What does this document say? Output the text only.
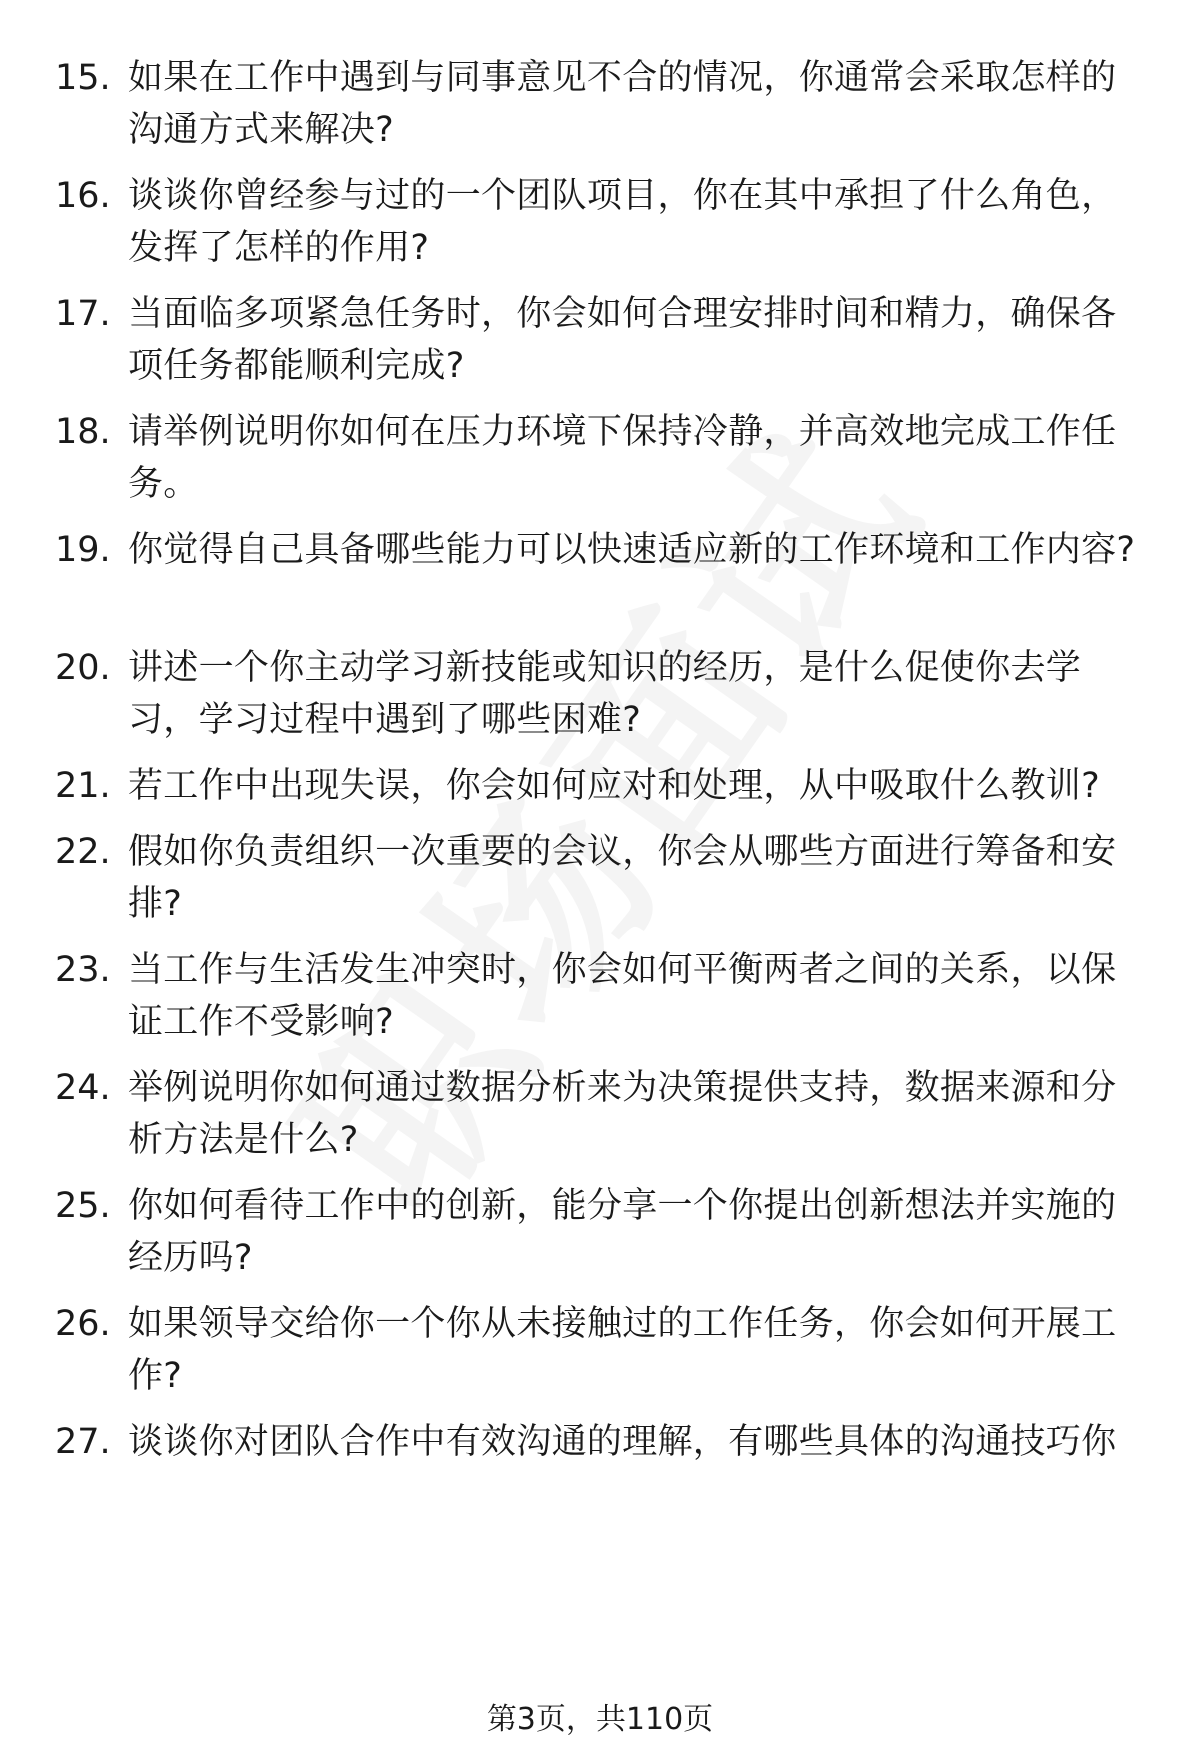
15. 如果在工作中遇到与同事意见不合的情况，你通常会采取怎样的沟通方式来解决?
16. 谈谈你曾经参与过的一个团队项目，你在其中承担了什么角色，发挥了怎样的作用?
17. 当面临多项紧急任务时，你会如何合理安排时间和精力，确保各项任务都能顺利完成?
18. 请举例说明你如何在压力环境下保持冷静，并高效地完成工作任务。
19. 你觉得自己具备哪些能力可以快速适应新的工作环境和工作内容?
20. 讲述一个你主动学习新技能或知识的经历，是什么促使你去学习，学习过程中遇到了哪些困难?
21. 若工作中出现失误，你会如何应对和处理，从中吸取什么教训?
22. 假如你负责组织一次重要的会议，你会从哪些方面进行筹备和安排?
23. 当工作与生活发生冲突时，你会如何平衡两者之间的关系，以保证工作不受影响?
24. 举例说明你如何通过数据分析来为决策提供支持，数据来源和分析方法是什么?
25. 你如何看待工作中的创新，能分享一个你提出创新想法并实施的经历吗?
26. 如果领导交给你一个你从未接触过的工作任务，你会如何开展工作?
27. 谈谈你对团队合作中有效沟通的理解，有哪些具体的沟通技巧你
第3页，共110页
